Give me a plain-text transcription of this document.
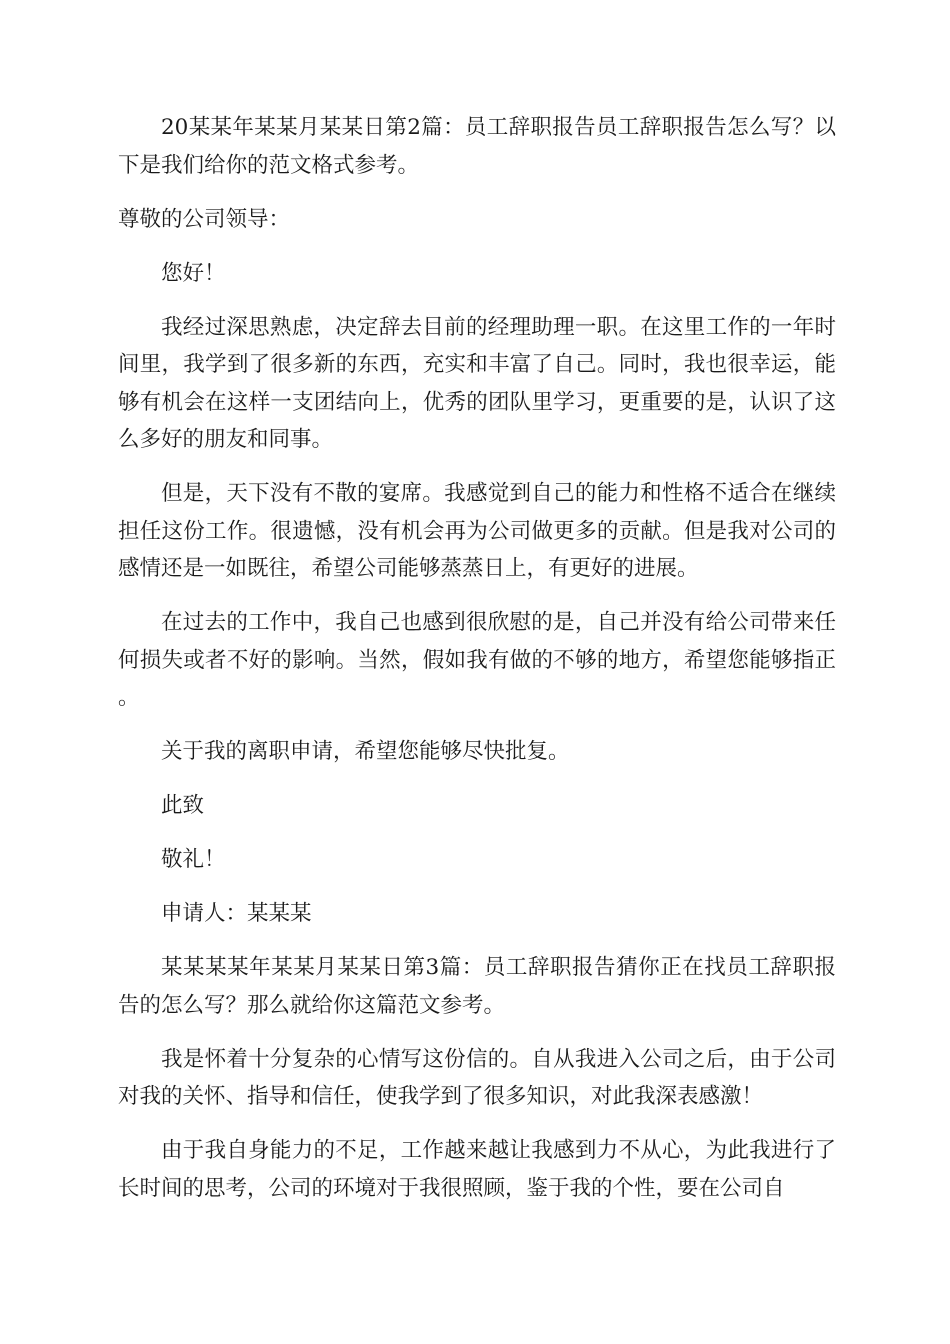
20某某年某某月某某日第2篇：员工辞职报告员工辞职报告怎么写？以下是我们给你的范文格式参考。

尊敬的公司领导：

您好！

我经过深思熟虑，决定辞去目前的经理助理一职。在这里工作的一年时间里，我学到了很多新的东西，充实和丰富了自己。同时，我也很幸运，能够有机会在这样一支团结向上，优秀的团队里学习，更重要的是，认识了这么多好的朋友和同事。

但是，天下没有不散的宴席。我感觉到自己的能力和性格不适合在继续担任这份工作。很遗憾，没有机会再为公司做更多的贡献。但是我对公司的感情还是一如既往，希望公司能够蒸蒸日上，有更好的进展。

在过去的工作中，我自己也感到很欣慰的是，自己并没有给公司带来任何损失或者不好的影响。当然，假如我有做的不够的地方，希望您能够指正。

关于我的离职申请，希望您能够尽快批复。

此致

敬礼！

申请人：某某某

某某某某年某某月某某日第3篇：员工辞职报告猜你正在找员工辞职报告的怎么写？那么就给你这篇范文参考。

我是怀着十分复杂的心情写这份信的。自从我进入公司之后，由于公司对我的关怀、指导和信任，使我学到了很多知识，对此我深表感激！

由于我自身能力的不足，工作越来越让我感到力不从心，为此我进行了长时间的思考，公司的环境对于我很照顾，鉴于我的个性，要在公司自
